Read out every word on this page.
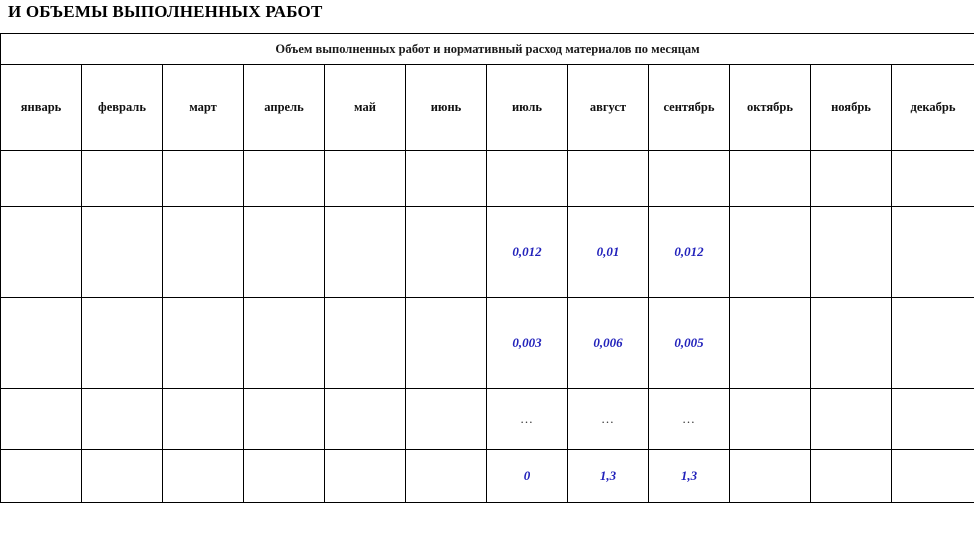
И ОБЪЕМЫ ВЫПОЛНЕННЫХ РАБОТ
Объем выполненных работ и нормативный расход материалов по месяцам											
январь	февраль	март	апрель	май	июнь	июль	август	сентябрь	октябрь	ноябрь	декабрь

						0,012	0,01	0,012			
						0,003	0,006	0,005			
						…	…	…			
						0	1,3	1,3			
